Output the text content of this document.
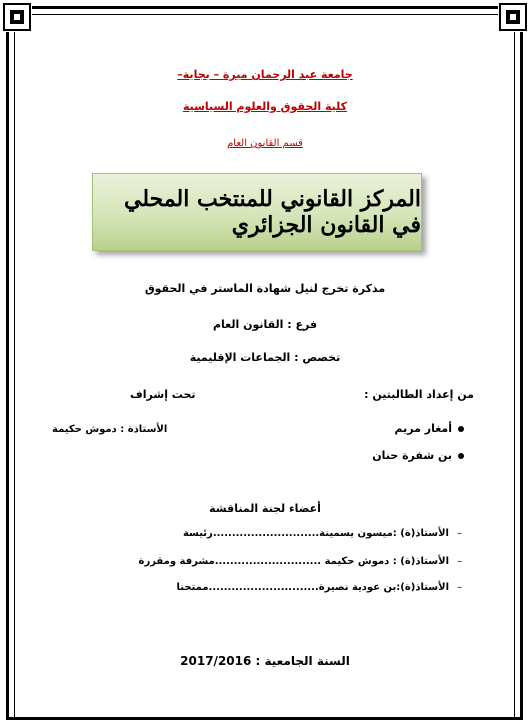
جامعة عبد الرحمان ميرة – بجاية–
كلية الحقوق والعلوم السياسية
قسم القانون العام
المركز القانوني للمنتخب المحلي في القانون الجزائري
مذكرة تخرج لنيل شهادة الماستر في الحقوق
فرع : القانون العام
تخصص : الجماعات الإقليمية
من إعداد الطالبتين :
تحت إشراف
الأستاذة : دموش حكيمة	أمغار مريم
بن شفرة حنان
أعضاء لجنة المناقشة
–
الأستاذ(ة) :ميسون يسمينة............................رئيسة
–
الأستاذ(ة) : دموش حكيمة ............................مشرفة ومقررة
–
الأستاذ(ة):بن عودية نصيرة.............................ممتحنا
السنة الجامعية : 2017/2016
